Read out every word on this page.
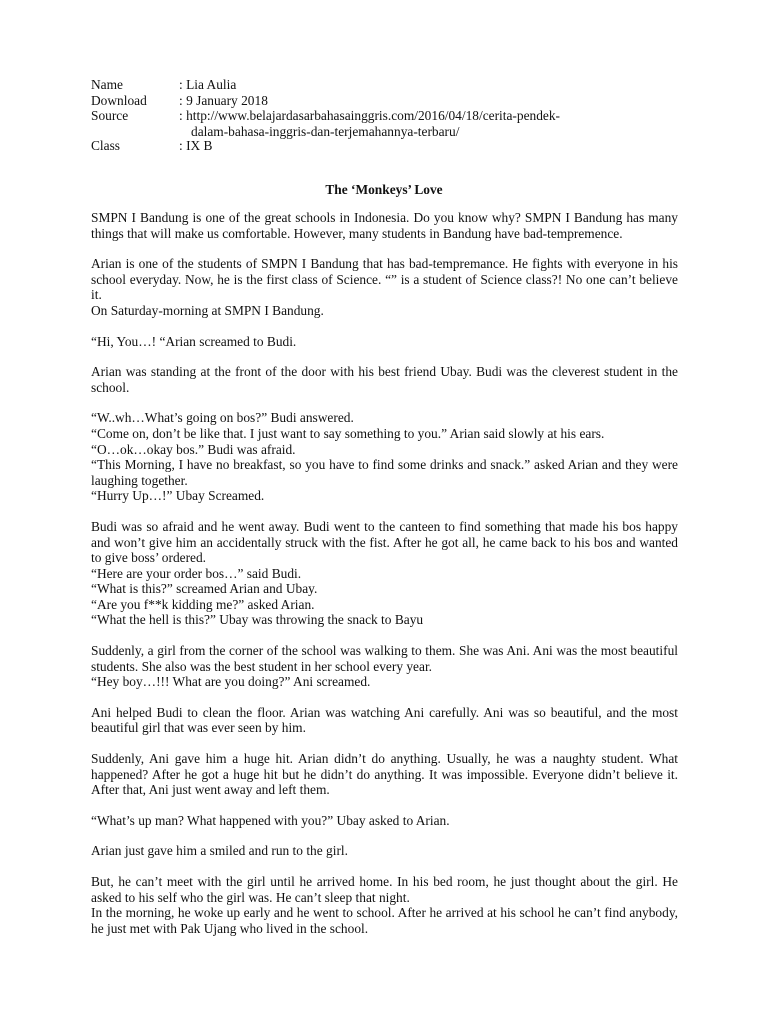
Name	: Lia Aulia
Download	: 9 January 2018
Source	: http://www.belajardasarbahasainggris.com/2016/04/18/cerita-pendek-
dalam-bahasa-inggris-dan-terjemahannya-terbaru/
Class	: IX B
The ‘Monkeys’ Love
SMPN I Bandung is one of the great schools in Indonesia. Do you know why? SMPN I Bandung has many things that will make us comfortable. However, many students in Bandung have bad-tempremence.
Arian is one of the students of SMPN I Bandung that has bad-tempremance. He fights with everyone in his school everyday. Now, he is the first class of Science. “” is a student of Science class?! No one can’t believe it.
On Saturday-morning at SMPN I Bandung.
“Hi, You…! “Arian screamed to Budi.
Arian was standing at the front of the door with his best friend Ubay. Budi was the cleverest student in the school.
“W..wh…What’s going on bos?” Budi answered.
“Come on, don’t be like that. I just want to say something to you.” Arian said slowly at his ears.
“O…ok…okay bos.” Budi was afraid.
“This Morning, I have no breakfast, so you have to find some drinks and snack.” asked Arian and they were laughing together.
“Hurry Up…!” Ubay Screamed.
Budi was so afraid and he went away. Budi went to the canteen to find something that made his bos happy and won’t give him an accidentally struck with the fist. After he got all, he came back to his bos and wanted to give boss’ ordered.
“Here are your order bos…” said Budi.
“What is this?” screamed Arian and Ubay.
“Are you f**k kidding me?” asked Arian.
“What the hell is this?” Ubay was throwing the snack to Bayu
Suddenly, a girl from the corner of the school was walking to them. She was Ani. Ani was the most beautiful students. She also was the best student in her school every year.
“Hey boy…!!! What are you doing?” Ani screamed.
Ani helped Budi to clean the floor. Arian was watching Ani carefully. Ani was so beautiful, and the most beautiful girl that was ever seen by him.
Suddenly, Ani gave him a huge hit. Arian didn’t do anything. Usually, he was a naughty student. What happened? After he got a huge hit but he didn’t do anything. It was impossible. Everyone didn’t believe it. After that, Ani just went away and left them.
“What’s up man? What happened with you?” Ubay asked to Arian.
Arian just gave him a smiled and run to the girl.
But, he can’t meet with the girl until he arrived home. In his bed room, he just thought about the girl. He asked to his self who the girl was. He can’t sleep that night.
In the morning, he woke up early and he went to school. After he arrived at his school he can’t find anybody, he just met with Pak Ujang who lived in the school.
